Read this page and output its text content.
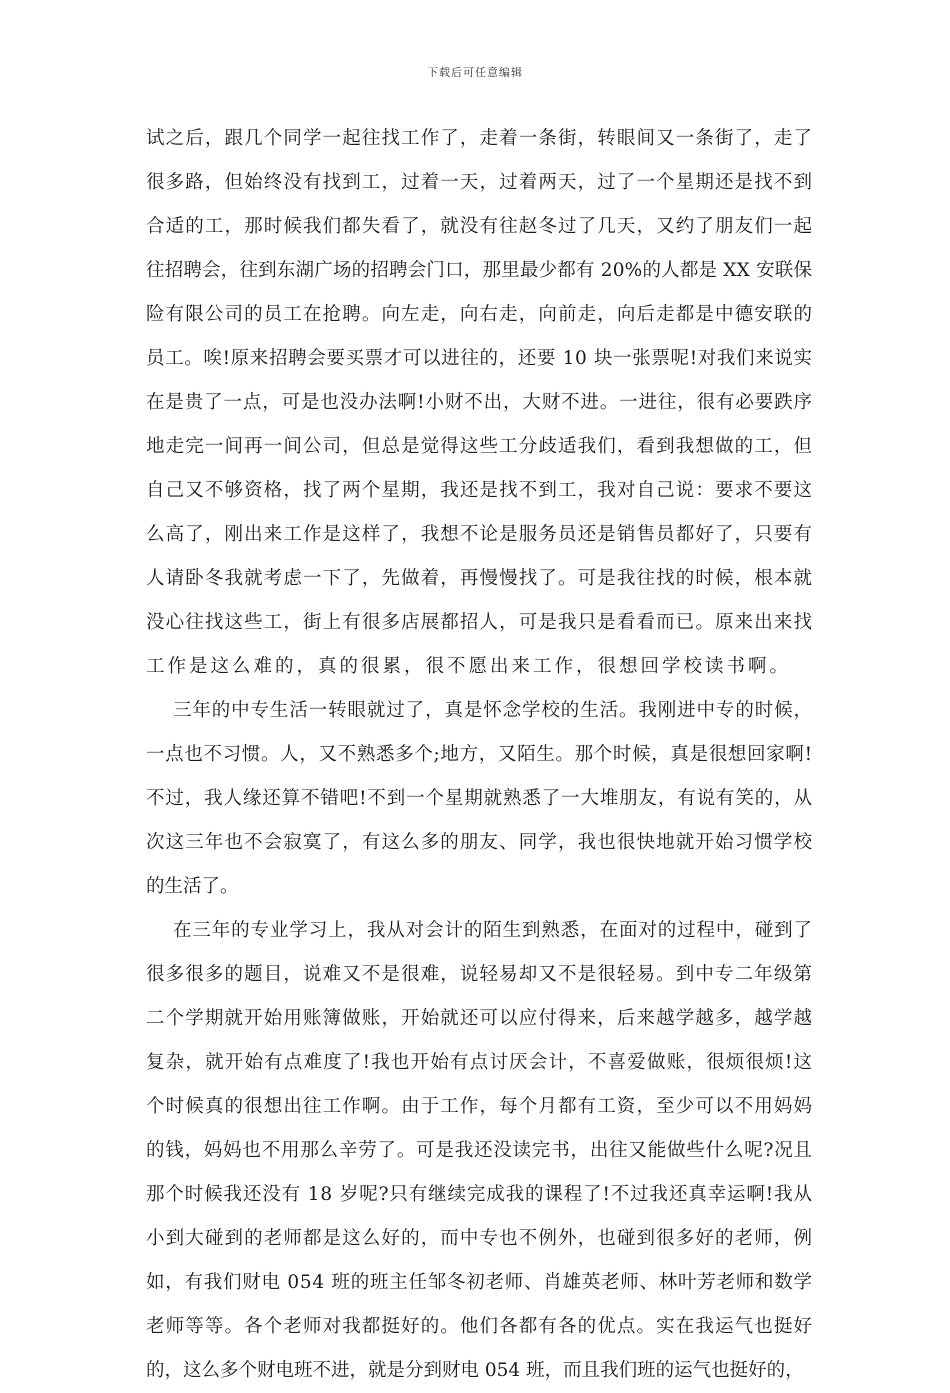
下载后可任意编辑
试之后，跟几个同学一起往找工作了，走着一条街，转眼间又一条街了，走了
很多路，但始终没有找到工，过着一天，过着两天，过了一个星期还是找不到
合适的工，那时候我们都失看了，就没有往赵冬过了几天，又约了朋友们一起
往招聘会，往到东湖广场的招聘会门口，那里最少都有 20%的人都是 XX 安联保
险有限公司的员工在抢聘。向左走，向右走，向前走，向后走都是中德安联的
员工。唉!原来招聘会要买票才可以进往的，还要 10 块一张票呢!对我们来说实
在是贵了一点，可是也没办法啊!小财不出，大财不进。一进往，很有必要跌序
地走完一间再一间公司，但总是觉得这些工分歧适我们，看到我想做的工，但
自己又不够资格，找了两个星期，我还是找不到工，我对自己说：要求不要这
么高了，刚出来工作是这样了，我想不论是服务员还是销售员都好了，只要有
人请卧冬我就考虑一下了，先做着，再慢慢找了。可是我往找的时候，根本就
没心往找这些工，街上有很多店展都招人，可是我只是看看而已。原来出来找
工作是这么难的，真的很累，很不愿出来工作，很想回学校读书啊。
三年的中专生活一转眼就过了，真是怀念学校的生活。我刚进中专的时候，
一点也不习惯。人，又不熟悉多个;地方，又陌生。那个时候，真是很想回家啊!
不过，我人缘还算不错吧!不到一个星期就熟悉了一大堆朋友，有说有笑的，从
次这三年也不会寂寞了，有这么多的朋友、同学，我也很快地就开始习惯学校
的生活了。
在三年的专业学习上，我从对会计的陌生到熟悉，在面对的过程中，碰到了
很多很多的题目，说难又不是很难，说轻易却又不是很轻易。到中专二年级第
二个学期就开始用账簿做账，开始就还可以应付得来，后来越学越多，越学越
复杂，就开始有点难度了!我也开始有点讨厌会计，不喜爱做账，很烦很烦!这
个时候真的很想出往工作啊。由于工作，每个月都有工资，至少可以不用妈妈
的钱，妈妈也不用那么辛劳了。可是我还没读完书，出往又能做些什么呢?况且
那个时候我还没有 18 岁呢?只有继续完成我的课程了!不过我还真幸运啊!我从
小到大碰到的老师都是这么好的，而中专也不例外，也碰到很多好的老师，例
如，有我们财电 054 班的班主任邹冬初老师、肖雄英老师、林叶芳老师和数学
老师等等。各个老师对我都挺好的。他们各都有各的优点。实在我运气也挺好
的，这么多个财电班不进，就是分到财电 054 班，而且我们班的运气也挺好的，
